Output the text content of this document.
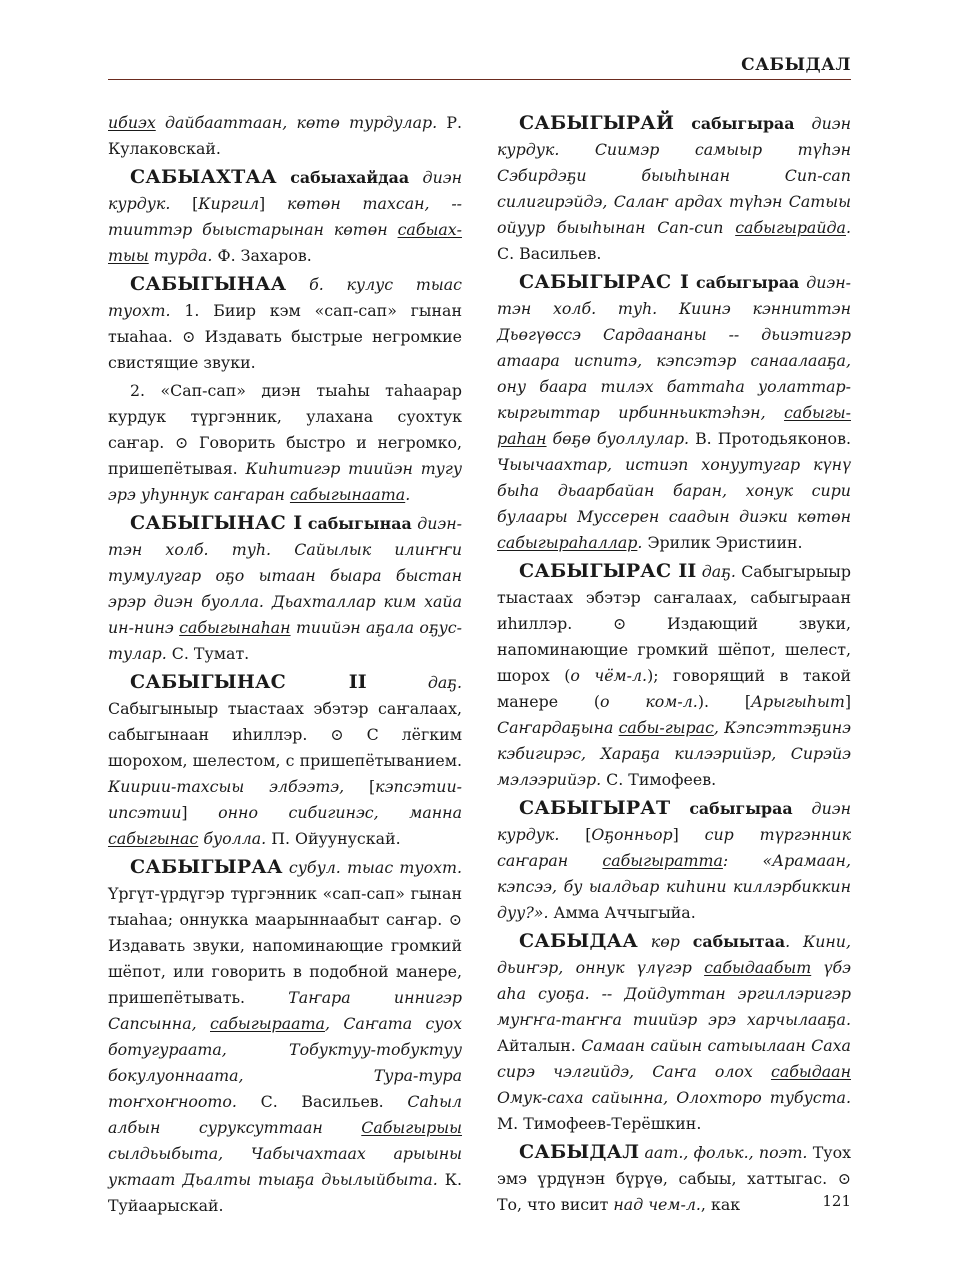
САБЫДАЛ

ибиэх дайбааттаан, көтө турдулар. Р. Кулаковскай.

САБЫАХТАА сабыахайдаа диэн курдук. [Киргил] көтөн тахсан, -- тииттэр быыстарынан көтөн сабыах-тыы турда. Ф. Захаров.

САБЫГЫНАА б. кулус тыас туохт. 1. Биир кэм «сап-сап» гынан тыаһаа. ⊙ Издавать быстрые негромкие свистящие звуки.

2. «Сап-сап» диэн тыаһы таһаарар курдук түргэнник, улахана суохтук саҥар. ⊙ Говорить быстро и негромко, пришепётывая. Киһитигэр тиийэн тугу эрэ уһуннук саҥаран сабыгынаата.

САБЫГЫНАС I сабыгынаа диэн-тэн холб. туһ. Сайылык илиҥҥи тумулугар оҕо ытаан быара быстан эрэр диэн буолла. Дьахталлар ким хайа ин-нинэ сабыгынаһан тиийэн аҕала оҕус-тулар. С. Тумат.

САБЫГЫНАС II даҕ. Сабыгыныыр тыастаах эбэтэр саҥалаах, сабыгынаан иһиллэр. ⊙ С лёгким шорохом, шелестом, с пришепётыванием. Киирии-тахсыы элбээтэ, [кэпсэтии-ипсэтии] онно сибигинэс, манна сабыгынас буолла. П. Ойуунускай.

САБЫГЫРАА субул. тыас туохт. Үргүт-үрдүгэр түргэнник «сап-сап» гынан тыаһаа; оннукка маарыннаабыт саҥар. ⊙ Издавать звуки, напоминающие громкий шёпот, или говорить в подобной манере, пришепётывать. Таҥара иннигэр Сапсынна, сабыгыраата, Саҥата суох ботугураата, Тобуктуу-тобуктуу бокулуоннаата, Тура-тура тоҥхоҥноото. С. Васильев. Саһыл албын суруксуттаан Сабыгырыы сылдьыбыта, Чабычахтаах арыыны уктаат Дьалты тыаҕа дьылыйбыта. К. Туйаарыскай.

САБЫГЫРАЙ сабыгыраа диэн курдук. Сиимэр самыыр түһэн Сэбирдэҕи быыһынан Сип-сап силигирэйдэ, Салаҥ ардах түһэн Сатыы ойуур быыһынан Сап-сип сабыгырайда. С. Васильев.

САБЫГЫРАС I сабыгыраа диэн-тэн холб. туһ. Киинэ кэнниттэн Дьөгүөссэ Сардаананы -- дьиэтигэр атаара испитэ, кэпсэтэр санаалааҕа, ону баара тилэх баттаһа уолаттар-кыргыттар ирбинньиктэһэн, сабыгы-раһан бөҕө буоллулар. В. Протодьяконов. Чыычаахтар, истиэп хонуутугар күнү быһа дьаарбайан баран, хонук сири булаары Муссерен саадын диэки көтөн сабыгыраһаллар. Эрилик Эристиин.

САБЫГЫРАС II даҕ. Сабыгырыыр тыастаах эбэтэр саҥалаах, сабыгыраан иһиллэр. ⊙ Издающий звуки, напоминающие громкий шёпот, шелест, шорох (о чём-л.); говорящий в такой манере (о ком-л.). [Арыгыһыт] Саҥардаҕына сабы-гырас, Кэпсэттэҕинэ кэбигирэс, Хараҕа килээрийэр, Сирэйэ мэлээрийэр. С. Тимофеев.

САБЫГЫРАТ сабыгыраа диэн курдук. [Оҕонньор] сир түргэнник саҥаран сабыгыратта: «Арамаан, кэпсээ, бу ыалдьар киһини киллэрбиккин дуу?». Амма Аччыгыйа.

САБЫДАА көр сабыытаа. Кини, дьиҥэр, оннук үлүгэр сабыдаабыт үбэ аһа суоҕа. -- Дойдуттан эргиллэригэр муҥҥа-таҥҥа тиийэр эрэ харчылааҕа. Айталын. Самаан сайын сатыылаан Саха сирэ чэлгийдэ, Саҥа олох сабыдаан Омук-саха сайынна, Олохторо тубуста. М. Тимофеев-Терёшкин.

САБЫДАЛ аат., фольк., поэт. Туох эмэ үрдүнэн бүрүө, сабыы, хаттыгас. ⊙ То, что висит над чем-л., как	121
